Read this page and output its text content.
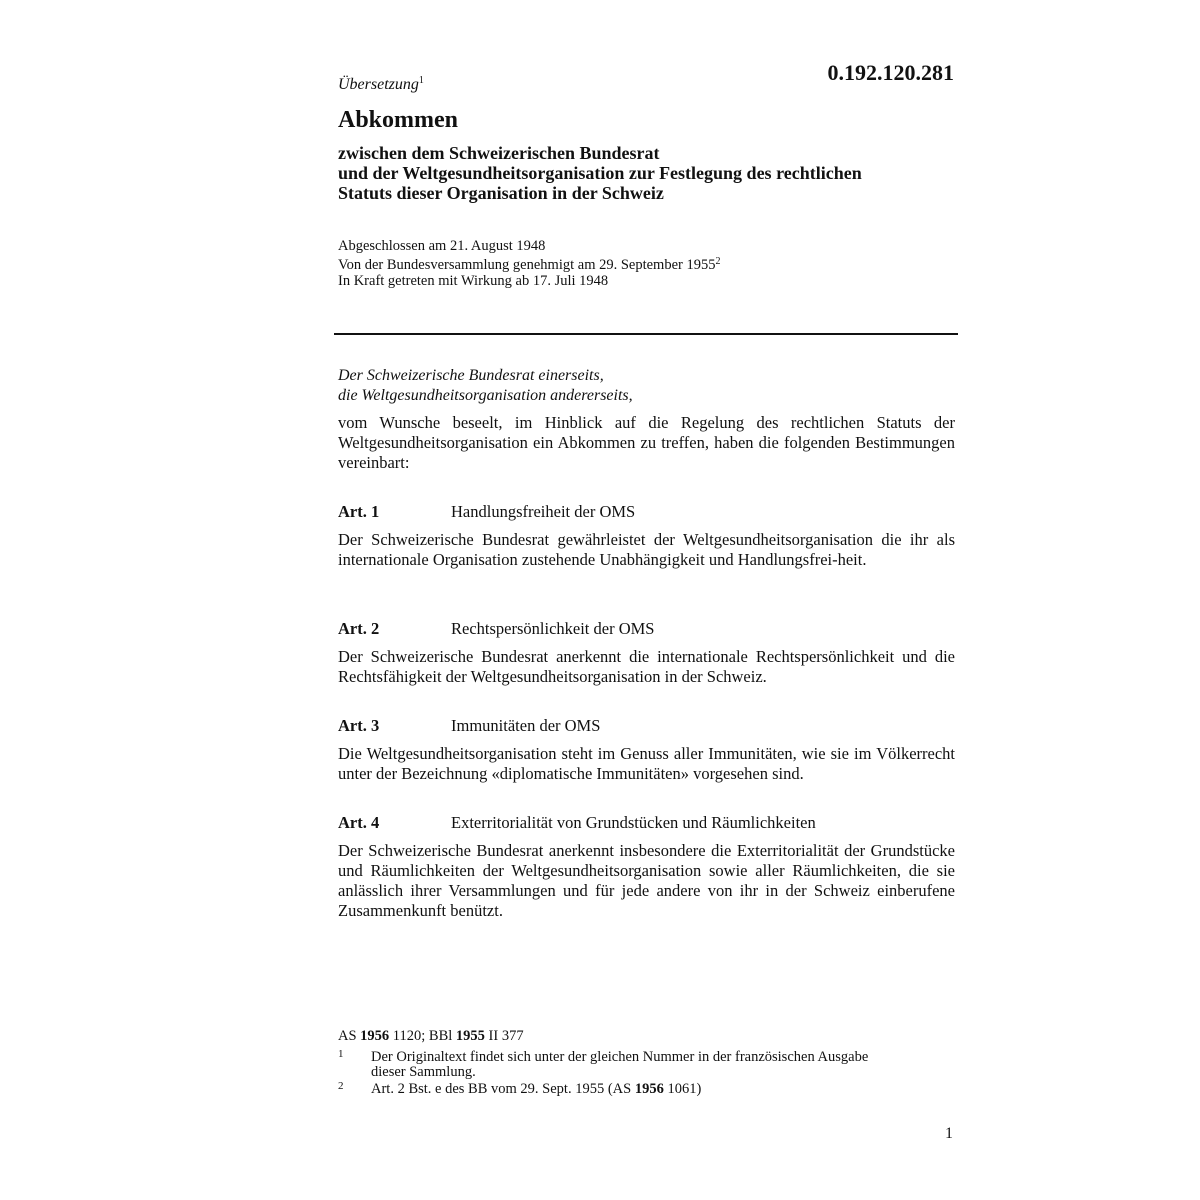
Übersetzung$^1$	0.192.120.281
Abkommen
zwischen dem Schweizerischen Bundesrat
und der Weltgesundheitsorganisation zur Festlegung des rechtlichen
Statuts dieser Organisation in der Schweiz
Abgeschlossen am 21. August 1948
Von der Bundesversammlung genehmigt am 29. September 1955$^2$
In Kraft getreten mit Wirkung ab 17. Juli 1948
Der Schweizerische Bundesrat einerseits,
die Weltgesundheitsorganisation andererseits,
vom Wunsche beseelt, im Hinblick auf die Regelung des rechtlichen Statuts der Weltgesundheitsorganisation ein Abkommen zu treffen, haben die folgenden Bestimmungen vereinbart:
Art. 1	Handlungsfreiheit der OMS
Der Schweizerische Bundesrat gewährleistet der Weltgesundheitsorganisation die ihr als internationale Organisation zustehende Unabhängigkeit und Handlungsfrei-heit.
Art. 2	Rechtspersönlichkeit der OMS
Der Schweizerische Bundesrat anerkennt die internationale Rechtspersönlichkeit und die Rechtsfähigkeit der Weltgesundheitsorganisation in der Schweiz.
Art. 3	Immunitäten der OMS
Die Weltgesundheitsorganisation steht im Genuss aller Immunitäten, wie sie im Völkerrecht unter der Bezeichnung «diplomatische Immunitäten» vorgesehen sind.
Art. 4	Exterritorialität von Grundstücken und Räumlichkeiten
Der Schweizerische Bundesrat anerkennt insbesondere die Exterritorialität der Grundstücke und Räumlichkeiten der Weltgesundheitsorganisation sowie aller Räumlichkeiten, die sie anlässlich ihrer Versammlungen und für jede andere von ihr in der Schweiz einberufene Zusammenkunft benützt.
AS 1956 1120; BBl 1955 II 377
1 Der Originaltext findet sich unter der gleichen Nummer in der französischen Ausgabe
dieser Sammlung.
2 Art. 2 Bst. e des BB vom 29. Sept. 1955 (AS 1956 1061)
1
